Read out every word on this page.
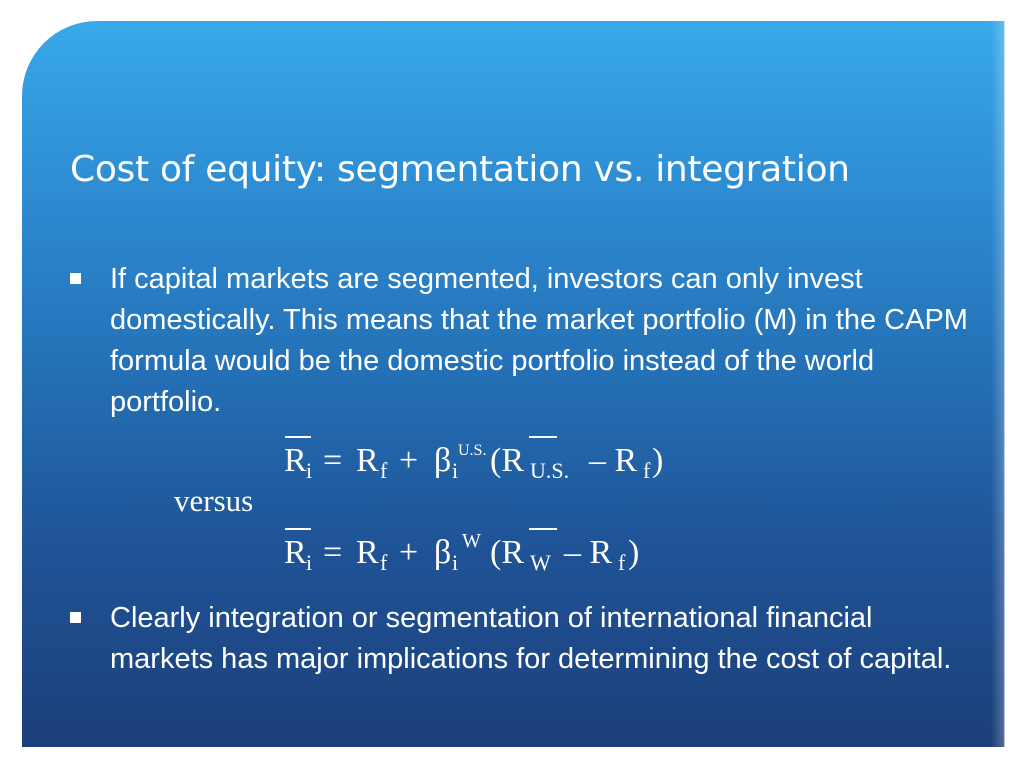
Cost of equity: segmentation vs. integration
If capital markets are segmented, investors can only invest domestically. This means that the market portfolio (M) in the CAPM formula would be the domestic portfolio instead of the world portfolio.
R i = R f + β i
U.S. (R U.S. – R f )
versus
R i = R f + β i
W (R W – R f )
Clearly integration or segmentation of international financial markets has major implications for determining the cost of capital.
